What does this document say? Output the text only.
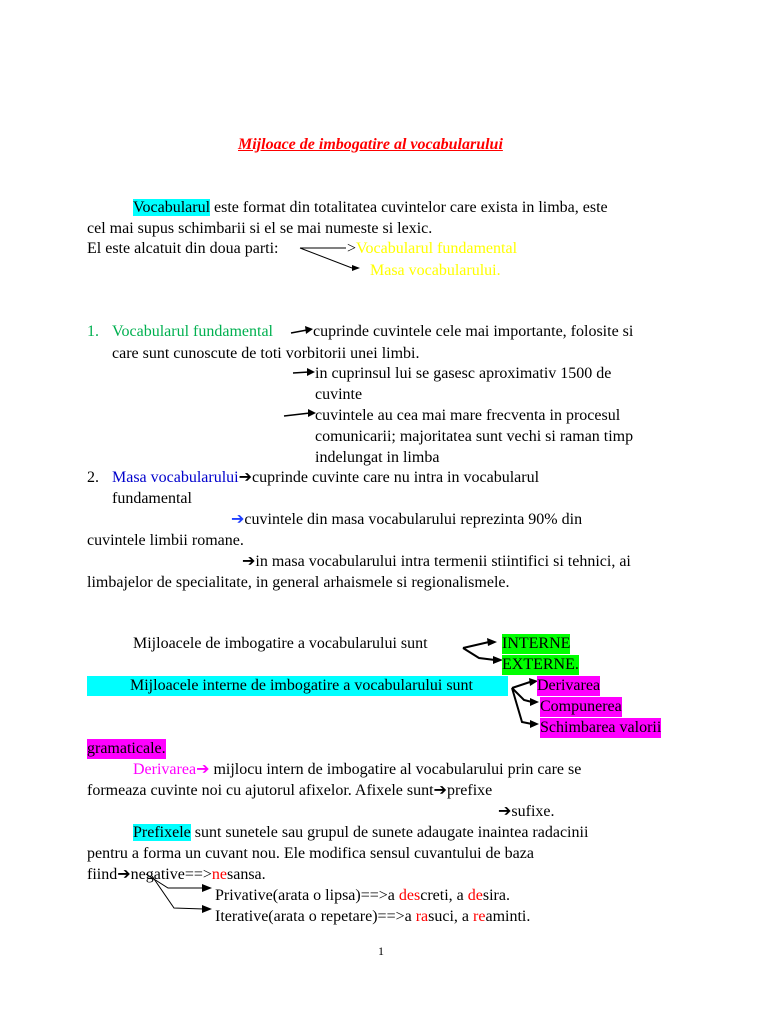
Mijloace de imbogatire al vocabularului
Vocabularul este format din totalitatea cuvintelor care exista in limba, este
cel mai supus schimbarii si el se mai numeste si lexic.
El este alcatuit din doua parti:	>Vocabularul fundamental
Masa vocabularului.
1. Vocabularul fundamental	cuprinde cuvintele cele mai importante, folosite si
care sunt cunoscute de toti vorbitorii unei limbi.
in cuprinsul lui se gasesc aproximativ 1500 de
cuvinte
cuvintele au cea mai mare frecventa in procesul
comunicarii; majoritatea sunt vechi si raman timp
indelungat in limba
2. Masa vocabularului➔cuprinde cuvinte care nu intra in vocabularul
fundamental
➔cuvintele din masa vocabularului reprezinta 90% din
cuvintele limbii romane.
➔in masa vocabularului intra termenii stiintifici si tehnici, ai
limbajelor de specialitate, in general arhaismele si regionalismele.
Mijloacele de imbogatire a vocabularului sunt	INTERNE
EXTERNE.
Mijloacele interne de imbogatire a vocabularului sunt	Derivarea
Compunerea
Schimbarea valorii
gramaticale.
Derivarea➔ mijlocu intern de imbogatire al vocabularului prin care se
formeaza cuvinte noi cu ajutorul afixelor. Afixele sunt➔prefixe
➔sufixe.
Prefixele sunt sunetele sau grupul de sunete adaugate inaintea radacinii
pentru a forma un cuvant nou. Ele modifica sensul cuvantului de baza
fiind➔negative==>nesansa.
Privative(arata o lipsa)==>a descreti, a desira.
Iterative(arata o repetare)==>a rasuci, a reaminti.
1
